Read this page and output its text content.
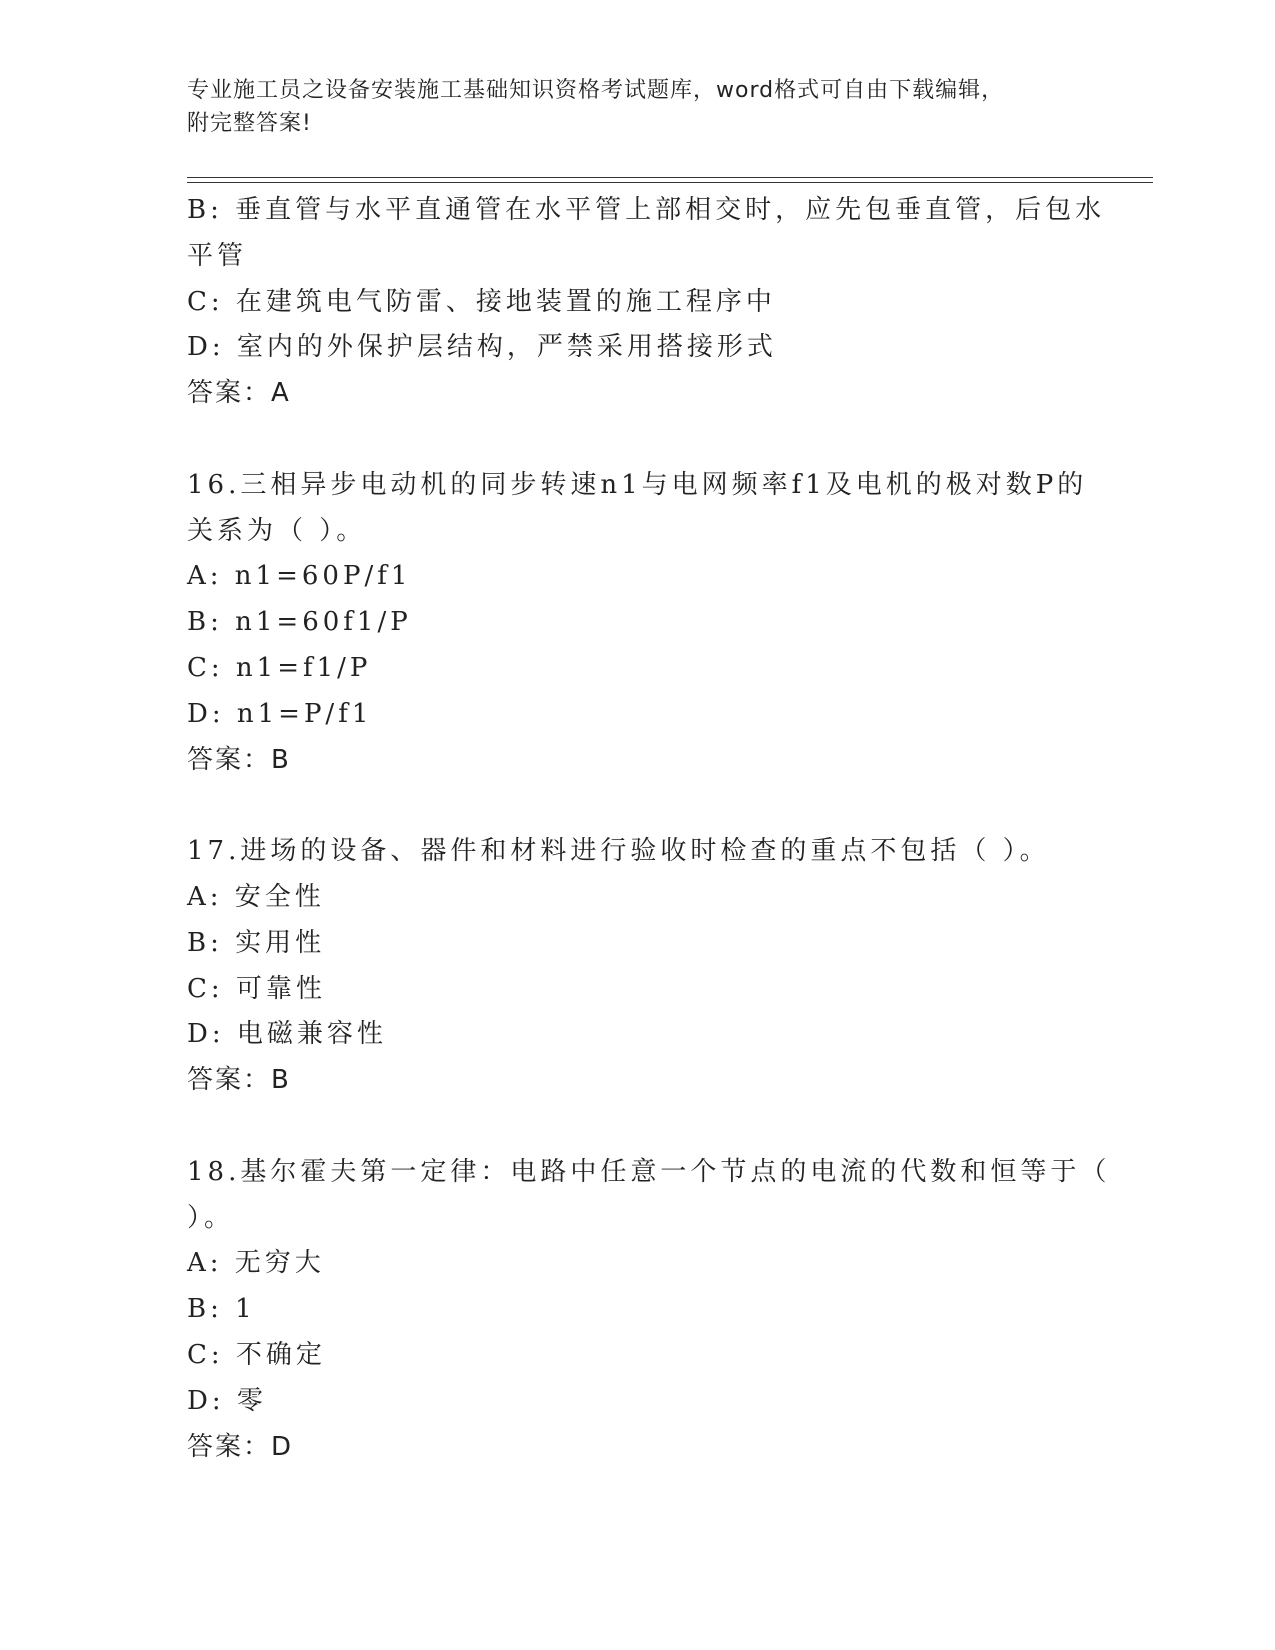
专业施工员之设备安装施工基础知识资格考试题库，word格式可自由下载编辑，
附完整答案!
B: 垂直管与水平直通管在水平管上部相交时，应先包垂直管，后包水
平管
C: 在建筑电气防雷、接地装置的施工程序中
D: 室内的外保护层结构，严禁采用搭接形式
答案：A
16.三相异步电动机的同步转速n1与电网频率f1及电机的极对数P的
关系为（ ）。
A: n1=60P/f1
B: n1=60f1/P
C: n1=f1/P
D: n1=P/f1
答案：B
17.进场的设备、器件和材料进行验收时检查的重点不包括（ ）。
A: 安全性
B: 实用性
C: 可靠性
D: 电磁兼容性
答案：B
18.基尔霍夫第一定律：电路中任意一个节点的电流的代数和恒等于（
）。
A: 无穷大
B: 1
C: 不确定
D: 零
答案：D
